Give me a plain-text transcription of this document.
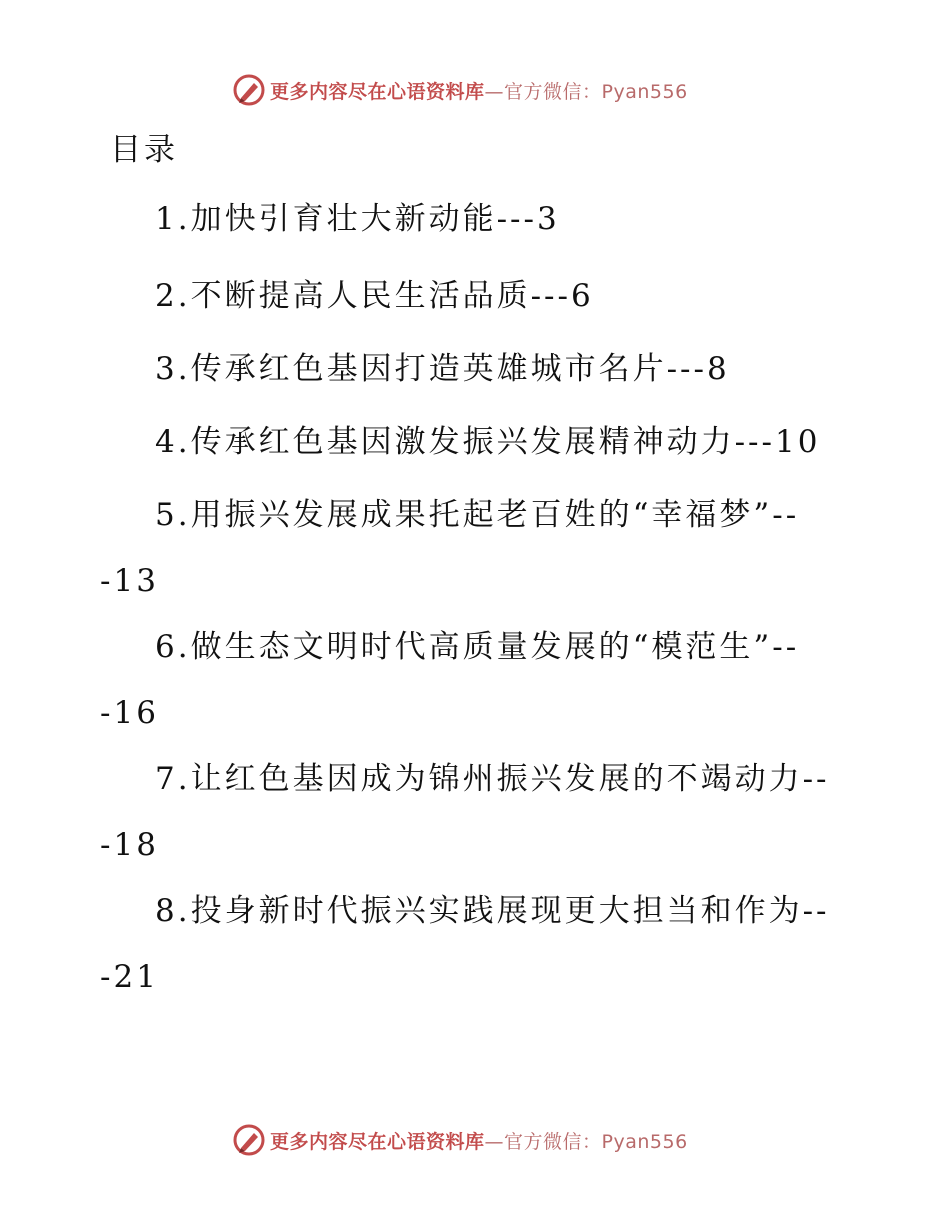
更多内容尽在心语资料库—官方微信：Pyan556
目录

1.加快引育壮大新动能---3

2.不断提高人民生活品质---6

3.传承红色基因打造英雄城市名片---8

4.传承红色基因激发振兴发展精神动力---10

5.用振兴发展成果托起老百姓的“幸福梦”---13

6.做生态文明时代高质量发展的“模范生”---16

7.让红色基因成为锦州振兴发展的不竭动力---18

8.投身新时代振兴实践展现更大担当和作为---21

更多内容尽在心语资料库—官方微信：Pyan556
